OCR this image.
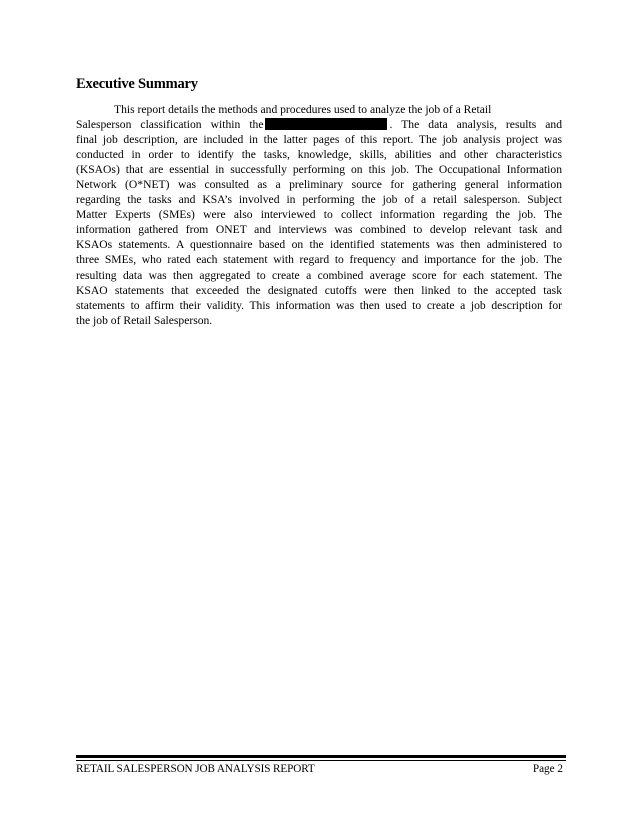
Executive Summary
This report details the methods and procedures used to analyze the job of a Retail
Salesperson classification within the	. The data analysis, results and
final job description, are included in the latter pages of this report. The job analysis project was
conducted in order to identify the tasks, knowledge, skills, abilities and other characteristics
(KSAOs) that are essential in successfully performing on this job. The Occupational Information
Network (O*NET) was consulted as a preliminary source for gathering general information
regarding the tasks and KSA’s involved in performing the job of a retail salesperson. Subject
Matter Experts (SMEs) were also interviewed to collect information regarding the job. The
information gathered from ONET and interviews was combined to develop relevant task and
KSAOs statements. A questionnaire based on the identified statements was then administered to
three SMEs, who rated each statement with regard to frequency and importance for the job. The
resulting data was then aggregated to create a combined average score for each statement. The
KSAO statements that exceeded the designated cutoffs were then linked to the accepted task
statements to affirm their validity. This information was then used to create a job description for
the job of Retail Salesperson.
RETAIL SALESPERSON JOB ANALYSIS REPORT	Page 2
